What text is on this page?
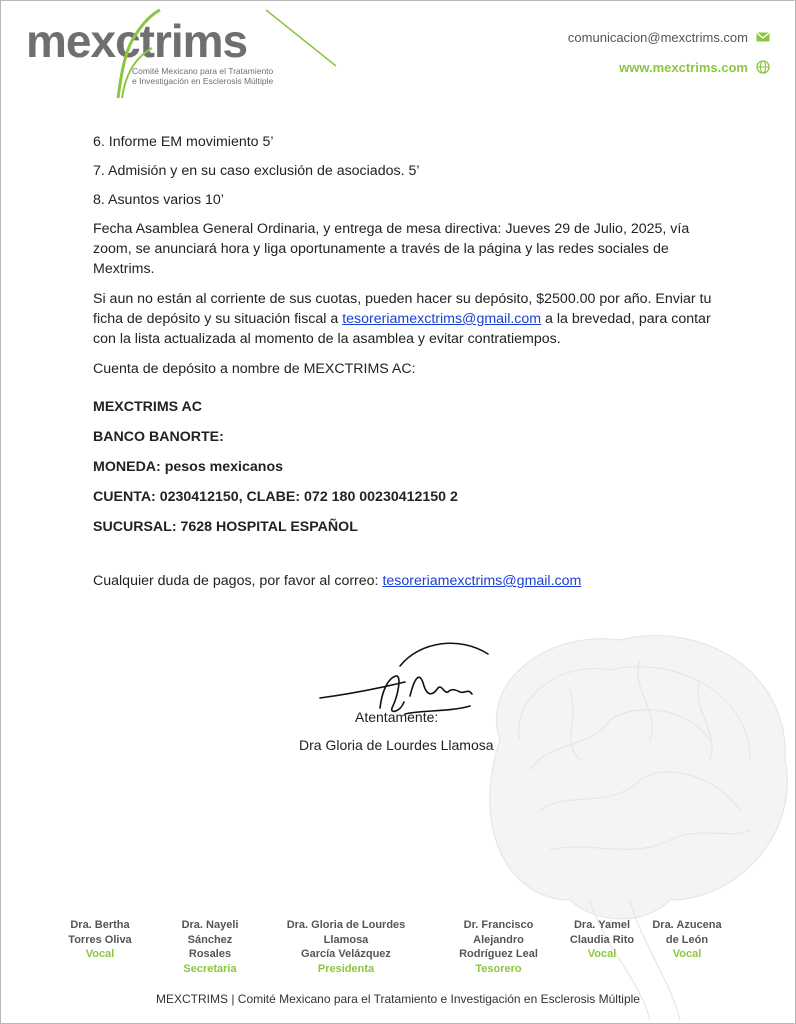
mexctrims
Comité Mexicano para el Tratamiento
e Investigación en Esclerosis Múltiple
comunicacion@mexctrims.com
www.mexctrims.com

6. Informe EM movimiento 5’

7. Admisión y en su caso exclusión de asociados. 5’

8. Asuntos varios 10’

Fecha Asamblea General Ordinaria, y entrega de mesa directiva: Jueves 29 de Julio, 2025, vía zoom, se anunciará hora y liga oportunamente a través de la página y las redes sociales de Mextrims.

Si aun no están al corriente de sus cuotas, pueden hacer su depósito, $2500.00 por año. Enviar tu ficha de depósito y su situación fiscal a tesoreriamexctrims@gmail.com a la brevedad, para contar con la lista actualizada al momento de la asamblea y evitar contratiempos.

Cuenta de depósito a nombre de MEXCTRIMS AC:

MEXCTRIMS AC

BANCO BANORTE:

MONEDA: pesos mexicanos

CUENTA: 0230412150, CLABE: 072 180 00230412150 2

SUCURSAL: 7628 HOSPITAL ESPAÑOL

Cualquier duda de pagos, por favor al correo: tesoreriamexctrims@gmail.com

Atentamente:
Dra Gloria de Lourdes Llamosa
Dra. Bertha
Torres Oliva
Vocal
Dra. Nayeli
Sánchez
Rosales
Secretaria
Dra. Gloria de Lourdes
Llamosa
García Velázquez
Presidenta
Dr. Francisco
Alejandro
Rodríguez Leal
Tesorero
Dra. Yamel
Claudia Rito
Vocal
Dra. Azucena
de León
Vocal
MEXCTRIMS | Comité Mexicano para el Tratamiento e Investigación en Esclerosis Múltiple
